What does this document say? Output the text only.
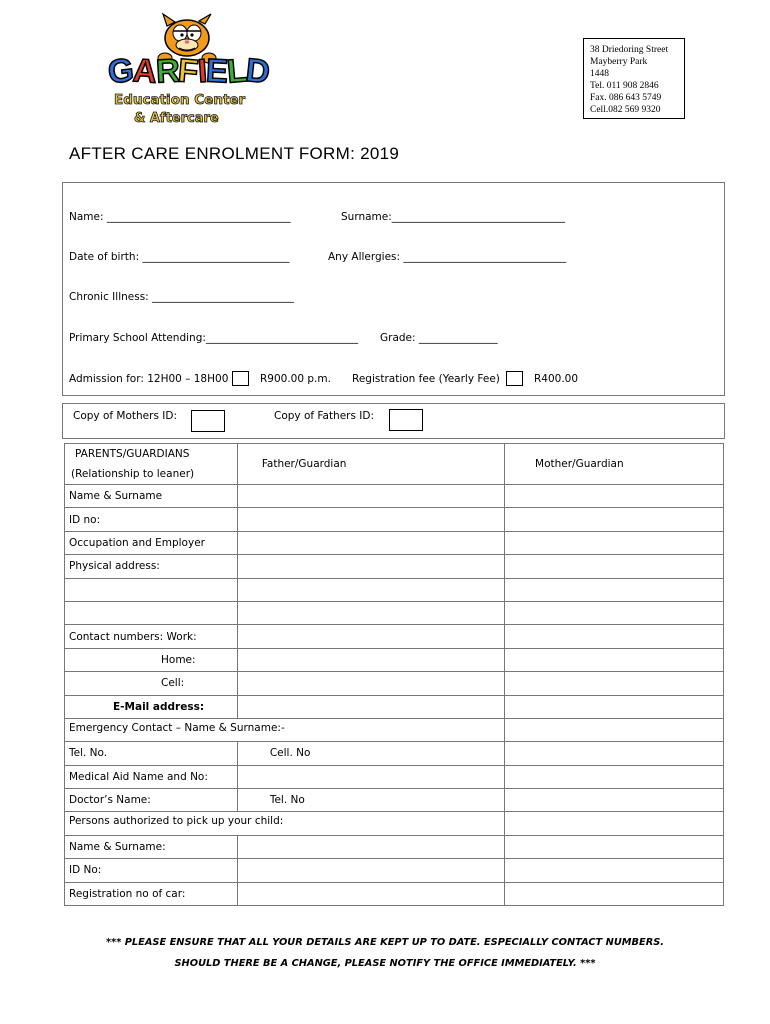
GARFIELD
Education Center
& Aftercare
38 Driedoring Street
Mayberry Park
1448
Tel. 011 908 2846
Fax. 086 643 5749
Cell.082 569 9320
AFTER CARE ENROLMENT FORM: 2019
Name: ___________________________________	Surname:_________________________________
Date of birth: ____________________________	Any Allergies: _______________________________
Chronic Illness: ___________________________
Primary School Attending:_____________________________ Grade: _______________
Admission for: 12H00 – 18H00	R900.00 p.m. Registration fee (Yearly Fee)	R400.00
Copy of Mothers ID:	Copy of Fathers ID:
PARENTS/GUARDIANS
(Relationship to leaner)	Father/Guardian	Mother/Guardian
Name & Surname		
ID no:		
Occupation and Employer		
Physical address:		

Contact numbers: Work:		
Home:		
Cell:		
E-Mail address:		

Emergency Contact – Name & Surname:-		

Tel. No.	Cell. No	
Medical Aid Name and No:		
Doctor’s Name:	Tel. No	

Persons authorized to pick up your child:		

Name & Surname:		
ID No:		
Registration no of car:		
*** PLEASE ENSURE THAT ALL YOUR DETAILS ARE KEPT UP TO DATE. ESPECIALLY CONTACT NUMBERS.
SHOULD THERE BE A CHANGE, PLEASE NOTIFY THE OFFICE IMMEDIATELY. ***
